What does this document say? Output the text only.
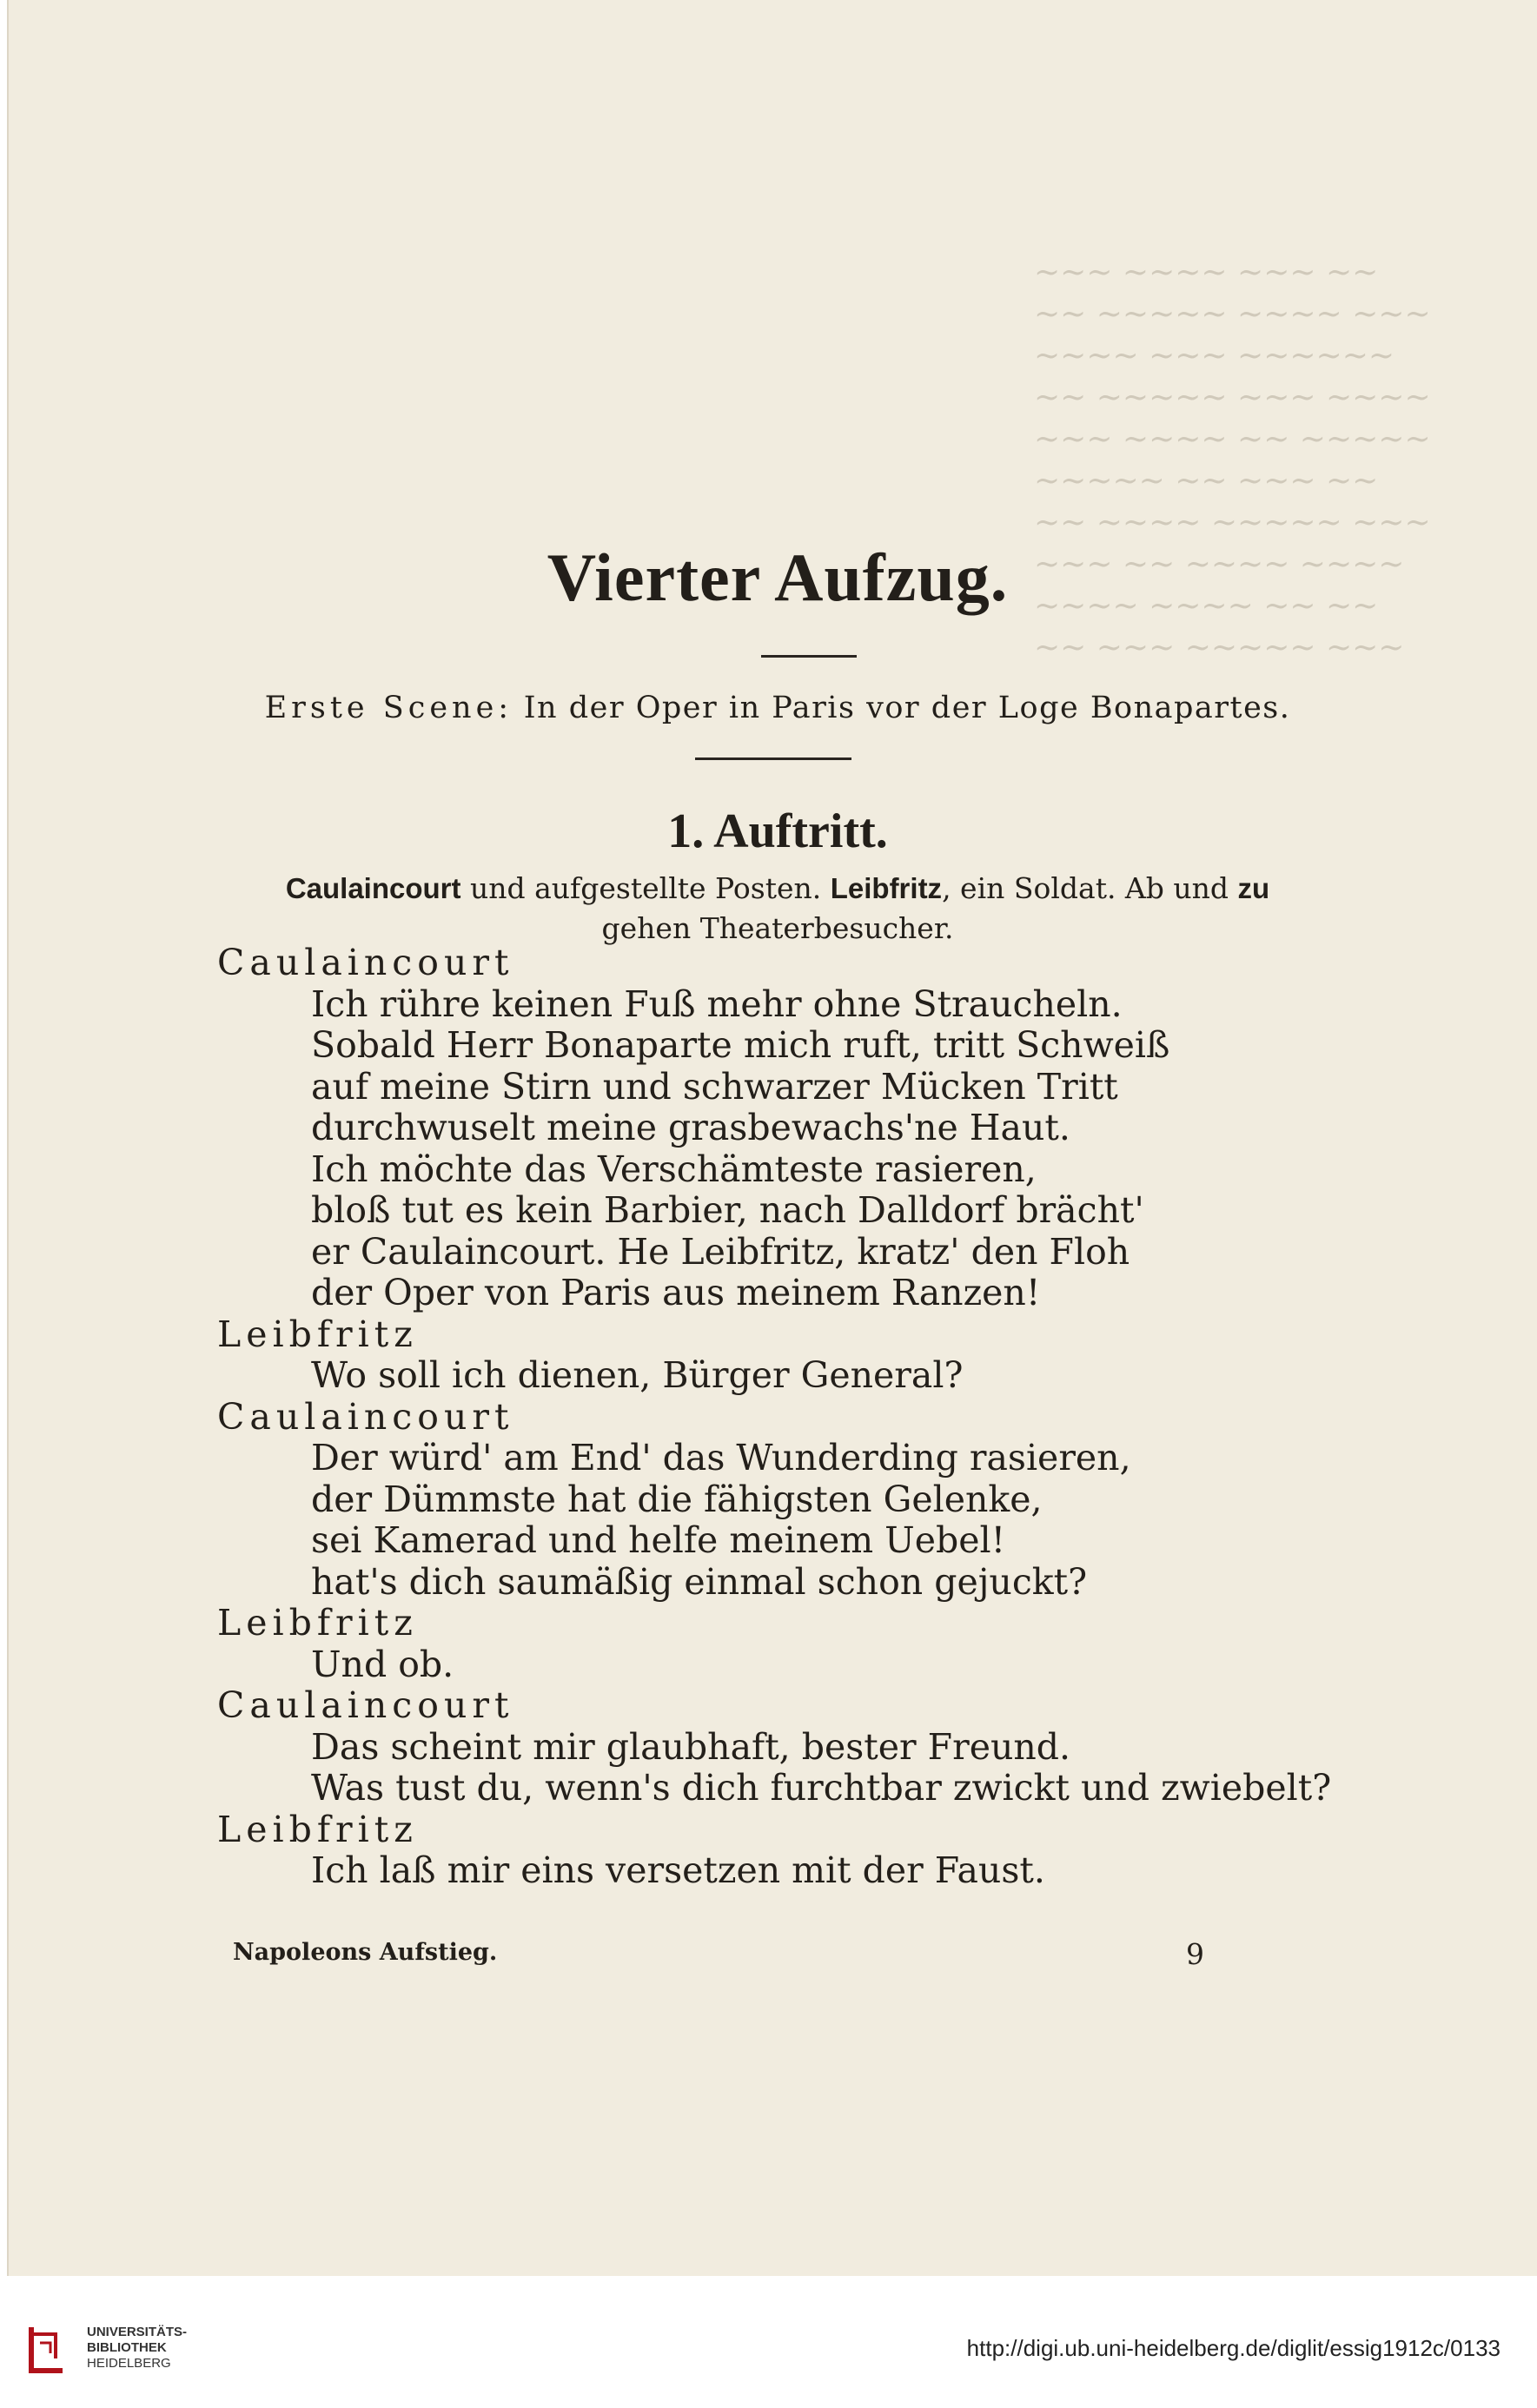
~~~ ~~~~ ~~~ ~~
~~ ~~~~~ ~~~~ ~~~
~~~~ ~~~ ~~~~~~
~~ ~~~~~ ~~~ ~~~~
~~~ ~~~~ ~~ ~~~~~
~~~~~ ~~ ~~~ ~~
~~ ~~~~ ~~~~~ ~~~
~~~ ~~ ~~~~ ~~~~
~~~~ ~~~~ ~~ ~~
~~ ~~~ ~~~~~ ~~~
Vierter Aufzug.
Erste Scene: In der Oper in Paris vor der Loge Bonapartes.
1. Auftritt.
Caulaincourt und aufgestellte Posten. Leibfritz, ein Soldat. Ab und zu
gehen Theaterbesucher.
Caulaincourt
Ich rühre keinen Fuß mehr ohne Straucheln.
Sobald Herr Bonaparte mich ruft, tritt Schweiß
auf meine Stirn und schwarzer Mücken Tritt
durchwuselt meine grasbewachs'ne Haut.
Ich möchte das Verschämteste rasieren,
bloß tut es kein Barbier, nach Dalldorf brächt'
er Caulaincourt. He Leibfritz, kratz' den Floh
der Oper von Paris aus meinem Ranzen!
Leibfritz
Wo soll ich dienen, Bürger General?
Caulaincourt
Der würd' am End' das Wunderding rasieren,
der Dümmste hat die fähigsten Gelenke,
sei Kamerad und helfe meinem Uebel!
hat's dich saumäßig einmal schon gejuckt?
Leibfritz
Und ob.
Caulaincourt
Das scheint mir glaubhaft, bester Freund.
Was tust du, wenn's dich furchtbar zwickt und zwiebelt?
Leibfritz
Ich laß mir eins versetzen mit der Faust.
Napoleons Aufstieg.	9
UNIVERSITÄTS-
BIBLIOTHEK
HEIDELBERG
http://digi.ub.uni-heidelberg.de/diglit/essig1912c/0133
